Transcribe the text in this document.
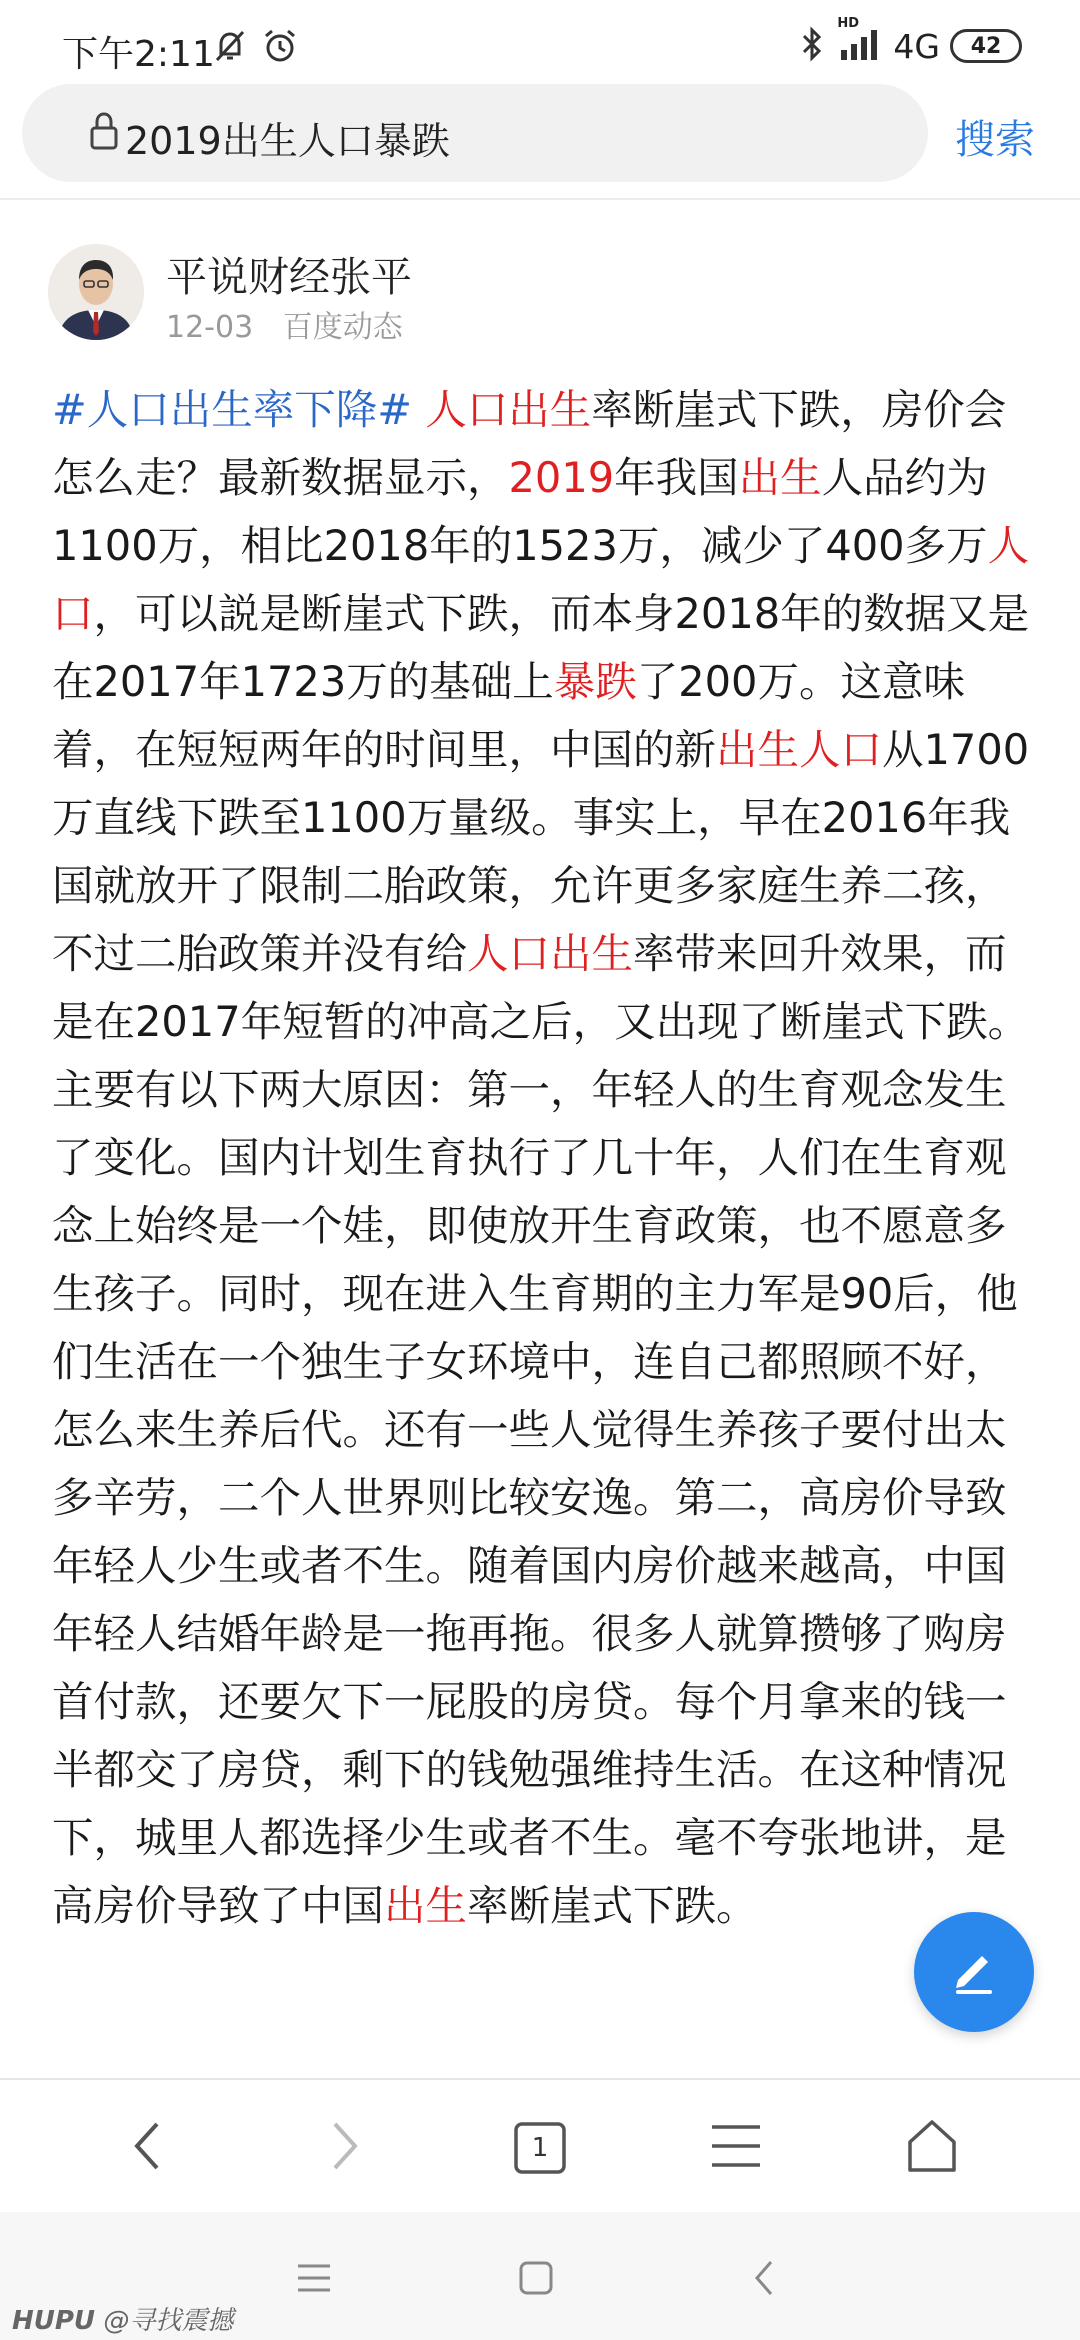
下午2:11
HD
4G 42
2019出生人口暴跌	搜索
平说财经张平
12-03 百度动态
#人口出生率下降# 人口出生率断崖式下跌，房价会怎么走？最新数据显示，2019年我国出生人品约为1100万，相比2018年的1523万，减少了400多万人口，可以説是断崖式下跌，而本身2018年的数据又是在2017年1723万的基础上暴跌了200万。这意味着，在短短两年的时间里，中国的新出生人口从1700万直线下跌至1100万量级。事实上，早在2016年我国就放开了限制二胎政策，允许更多家庭生养二孩，不过二胎政策并没有给人口出生率带来回升效果，而是在2017年短暂的冲高之后，又出现了断崖式下跌。主要有以下两大原因：第一，年轻人的生育观念发生了变化。国内计划生育执行了几十年，人们在生育观念上始终是一个娃，即使放开生育政策，也不愿意多生孩子。同时，现在进入生育期的主力军是90后，他们生活在一个独生子女环境中，连自己都照顾不好，怎么来生养后代。还有一些人觉得生养孩子要付出太多辛劳，二个人世界则比较安逸。第二，高房价导致年轻人少生或者不生。随着国内房价越来越高，中国年轻人结婚年龄是一拖再拖。很多人就算攒够了购房首付款，还要欠下一屁股的房贷。每个月拿来的钱一半都交了房贷，剩下的钱勉强维持生活。在这种情况下，城里人都选择少生或者不生。毫不夸张地讲，是高房价导致了中国出生率断崖式下跌。
1
HUPU @寻找震撼
